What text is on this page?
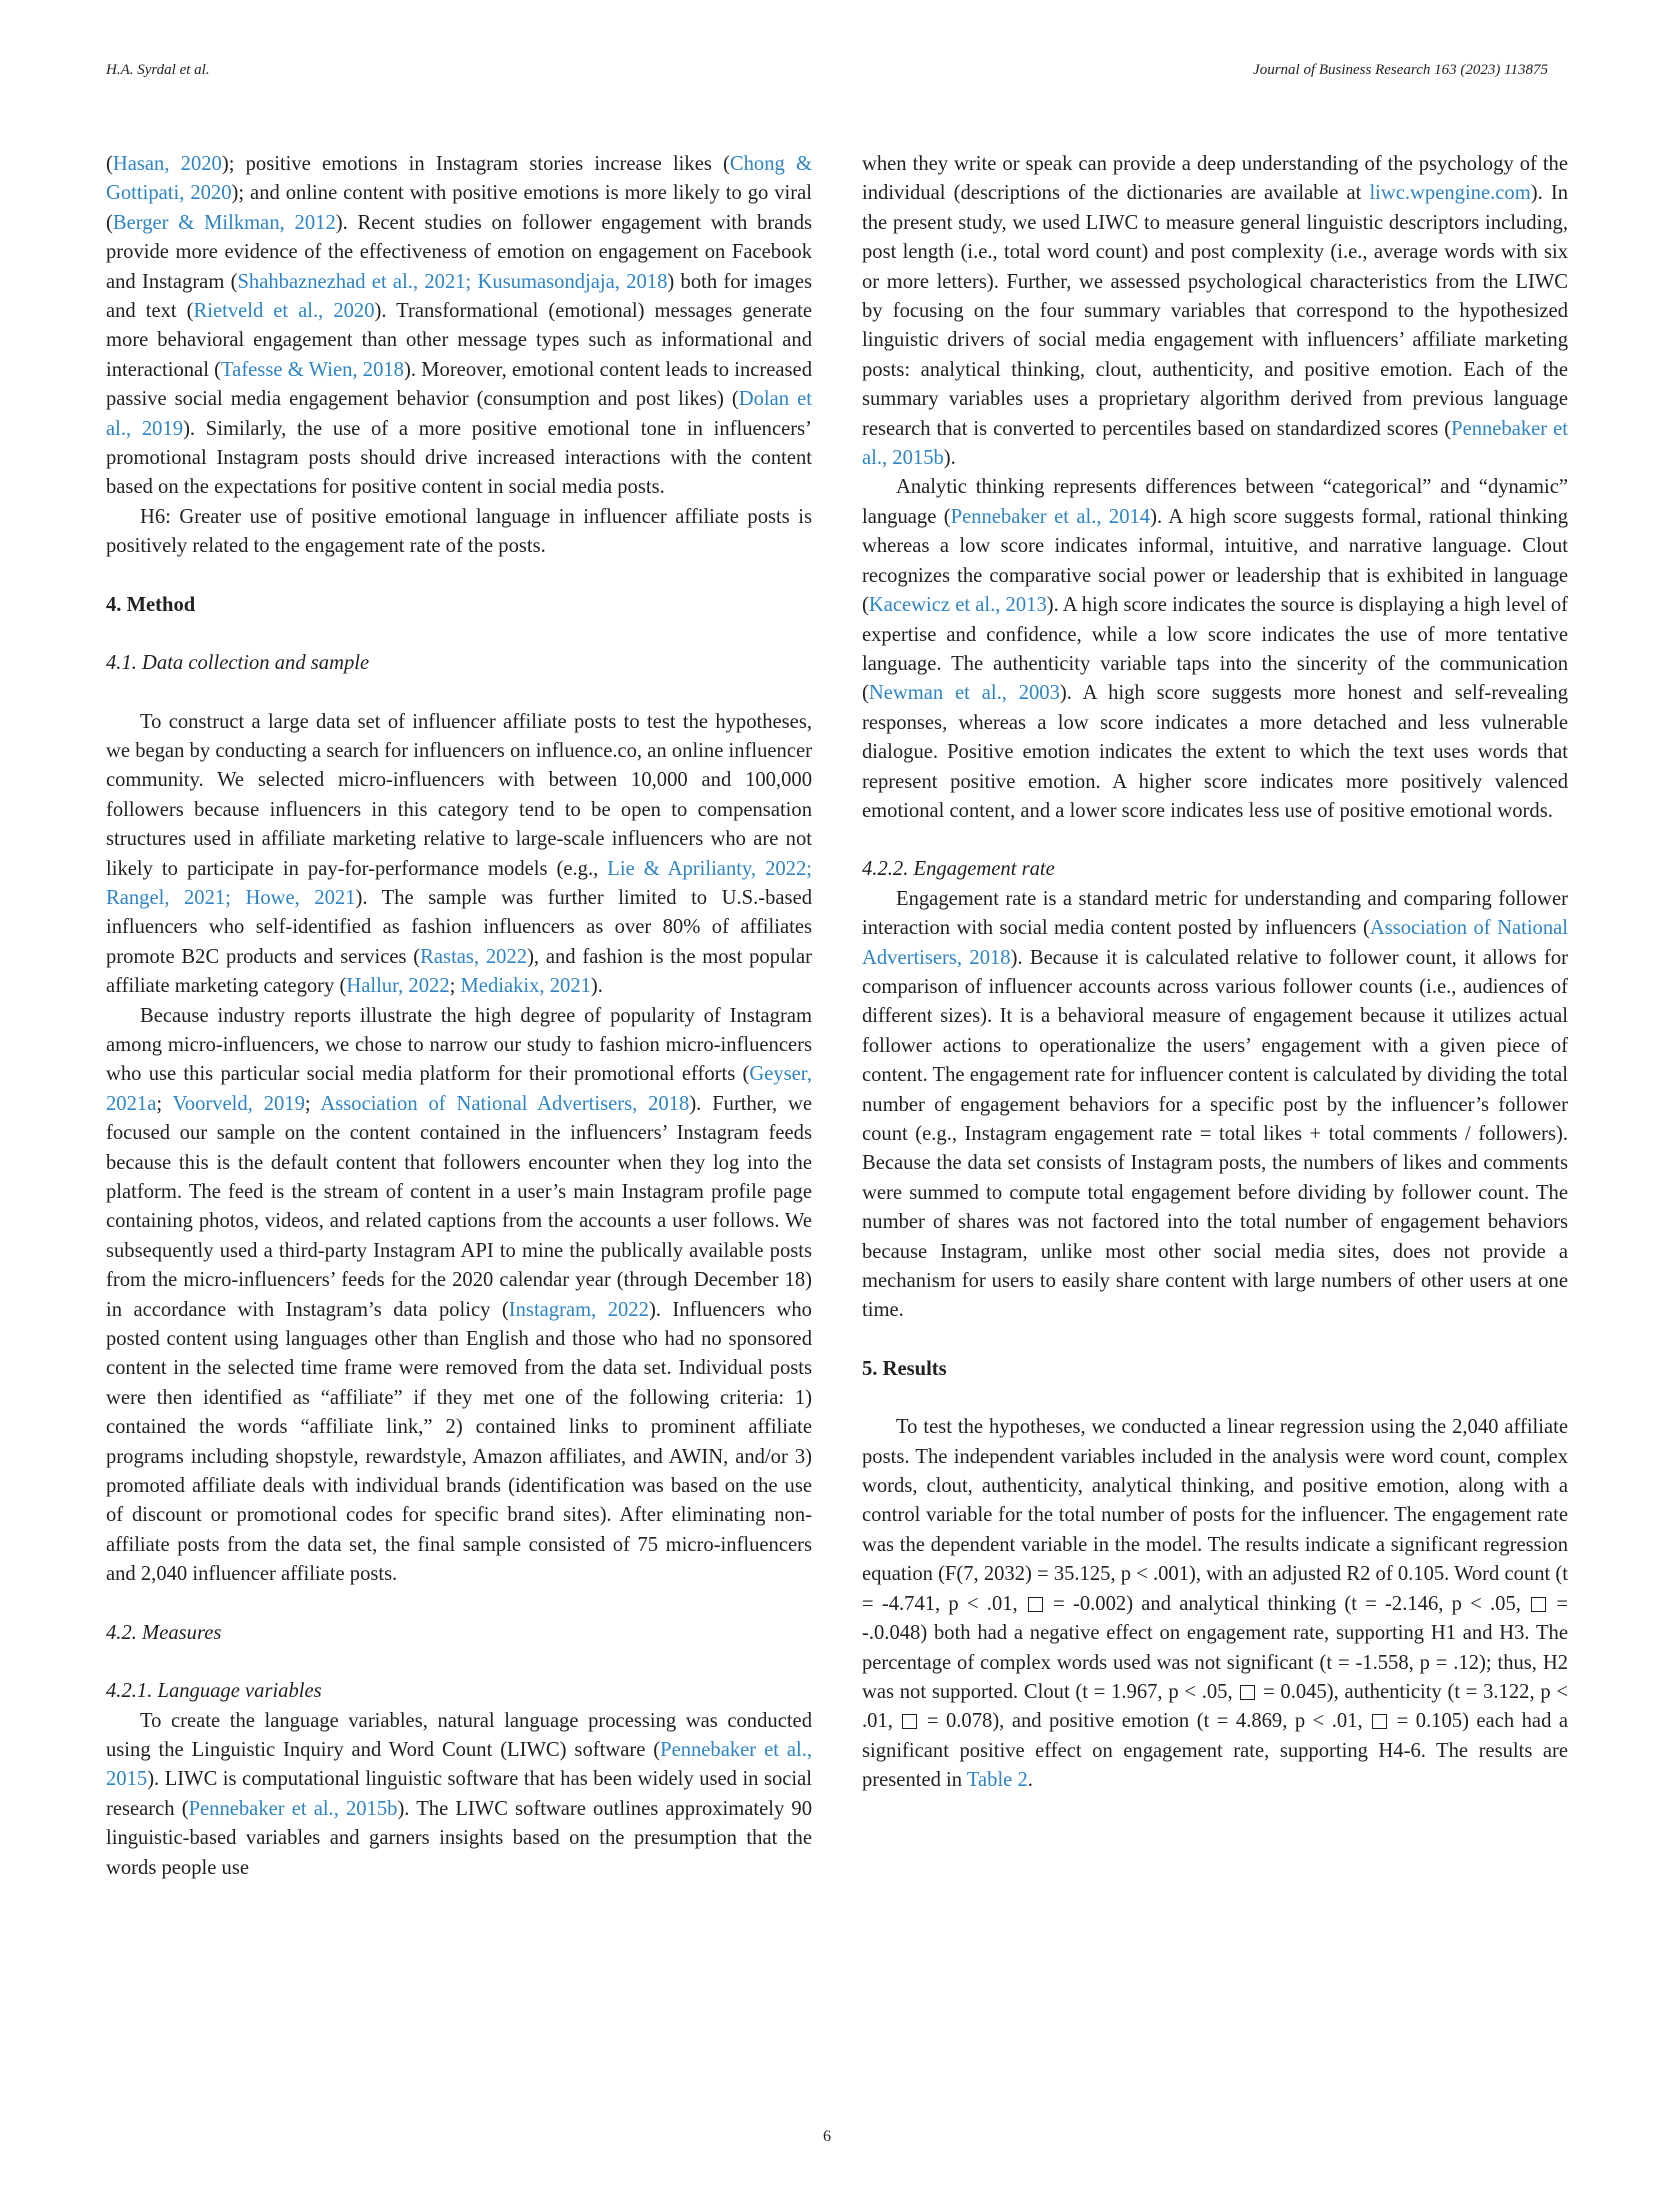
H.A. Syrdal et al.	Journal of Business Research 163 (2023) 113875

(Hasan, 2020); positive emotions in Instagram stories increase likes (Chong & Gottipati, 2020); and online content with positive emotions is more likely to go viral (Berger & Milkman, 2012). Recent studies on follower engagement with brands provide more evidence of the effectiveness of emotion on engagement on Facebook and Instagram (Shahbaznezhad et al., 2021; Kusumasondjaja, 2018) both for images and text (Rietveld et al., 2020). Transformational (emotional) messages generate more behavioral engagement than other message types such as informational and interactional (Tafesse & Wien, 2018). Moreover, emotional content leads to increased passive social media engagement behavior (consumption and post likes) (Dolan et al., 2019). Similarly, the use of a more positive emotional tone in influencers’ promotional Instagram posts should drive increased interactions with the content based on the expectations for positive content in social media posts.

H6: Greater use of positive emotional language in influencer affiliate posts is positively related to the engagement rate of the posts.

4. Method
4.1. Data collection and sample

To construct a large data set of influencer affiliate posts to test the hypotheses, we began by conducting a search for influencers on influence.co, an online influencer community. We selected micro-influencers with between 10,000 and 100,000 followers because influencers in this category tend to be open to compensation structures used in affiliate marketing relative to large-scale influencers who are not likely to participate in pay-for-performance models (e.g., Lie & Aprilianty, 2022; Rangel, 2021; Howe, 2021). The sample was further limited to U.S.-based influencers who self-identified as fashion influencers as over 80% of affiliates promote B2C products and services (Rastas, 2022), and fashion is the most popular affiliate marketing category (Hallur, 2022; Mediakix, 2021).

Because industry reports illustrate the high degree of popularity of Instagram among micro-influencers, we chose to narrow our study to fashion micro-influencers who use this particular social media platform for their promotional efforts (Geyser, 2021a; Voorveld, 2019; Association of National Advertisers, 2018). Further, we focused our sample on the content contained in the influencers’ Instagram feeds because this is the default content that followers encounter when they log into the platform. The feed is the stream of content in a user’s main Instagram profile page containing photos, videos, and related captions from the accounts a user follows. We subsequently used a third-party Instagram API to mine the publically available posts from the micro-influencers’ feeds for the 2020 calendar year (through December 18) in accordance with Instagram’s data policy (Instagram, 2022). Influencers who posted content using languages other than English and those who had no sponsored content in the selected time frame were removed from the data set. Individual posts were then identified as “affiliate” if they met one of the following criteria: 1) contained the words “affiliate link,” 2) contained links to prominent affiliate programs including shopstyle, rewardstyle, Amazon affiliates, and AWIN, and/or 3) promoted affiliate deals with individual brands (identification was based on the use of discount or promotional codes for specific brand sites). After eliminating non-affiliate posts from the data set, the final sample consisted of 75 micro-influencers and 2,040 influencer affiliate posts.

4.2. Measures
4.2.1. Language variables

To create the language variables, natural language processing was conducted using the Linguistic Inquiry and Word Count (LIWC) software (Pennebaker et al., 2015). LIWC is computational linguistic software that has been widely used in social research (Pennebaker et al., 2015b). The LIWC software outlines approximately 90 linguistic-based variables and garners insights based on the presumption that the words people use

when they write or speak can provide a deep understanding of the psychology of the individual (descriptions of the dictionaries are available at liwc.wpengine.com). In the present study, we used LIWC to measure general linguistic descriptors including, post length (i.e., total word count) and post complexity (i.e., average words with six or more letters). Further, we assessed psychological characteristics from the LIWC by focusing on the four summary variables that correspond to the hypothesized linguistic drivers of social media engagement with influencers’ affiliate marketing posts: analytical thinking, clout, authenticity, and positive emotion. Each of the summary variables uses a proprietary algorithm derived from previous language research that is converted to percentiles based on standardized scores (Pennebaker et al., 2015b).

Analytic thinking represents differences between “categorical” and “dynamic” language (Pennebaker et al., 2014). A high score suggests formal, rational thinking whereas a low score indicates informal, intuitive, and narrative language. Clout recognizes the comparative social power or leadership that is exhibited in language (Kacewicz et al., 2013). A high score indicates the source is displaying a high level of expertise and confidence, while a low score indicates the use of more tentative language. The authenticity variable taps into the sincerity of the communication (Newman et al., 2003). A high score suggests more honest and self-revealing responses, whereas a low score indicates a more detached and less vulnerable dialogue. Positive emotion indicates the extent to which the text uses words that represent positive emotion. A higher score indicates more positively valenced emotional content, and a lower score indicates less use of positive emotional words.

4.2.2. Engagement rate

Engagement rate is a standard metric for understanding and comparing follower interaction with social media content posted by influencers (Association of National Advertisers, 2018). Because it is calculated relative to follower count, it allows for comparison of influencer accounts across various follower counts (i.e., audiences of different sizes). It is a behavioral measure of engagement because it utilizes actual follower actions to operationalize the users’ engagement with a given piece of content. The engagement rate for influencer content is calculated by dividing the total number of engagement behaviors for a specific post by the influencer’s follower count (e.g., Instagram engagement rate = total likes + total comments / followers). Because the data set consists of Instagram posts, the numbers of likes and comments were summed to compute total engagement before dividing by follower count. The number of shares was not factored into the total number of engagement behaviors because Instagram, unlike most other social media sites, does not provide a mechanism for users to easily share content with large numbers of other users at one time.

5. Results

To test the hypotheses, we conducted a linear regression using the 2,040 affiliate posts. The independent variables included in the analysis were word count, complex words, clout, authenticity, analytical thinking, and positive emotion, along with a control variable for the total number of posts for the influencer. The engagement rate was the dependent variable in the model. The results indicate a significant regression equation (F(7, 2032) = 35.125, p < .001), with an adjusted R2 of 0.105. Word count (t = -4.741, p < .01,  = -0.002) and analytical thinking (t = -2.146, p < .05,  = -.0.048) both had a negative effect on engagement rate, supporting H1 and H3. The percentage of complex words used was not significant (t = -1.558, p = .12); thus, H2 was not supported. Clout (t = 1.967, p < .05,  = 0.045), authenticity (t = 3.122, p < .01,  = 0.078), and positive emotion (t = 4.869, p < .01,  = 0.105) each had a significant positive effect on engagement rate, supporting H4-6. The results are presented in Table 2.

6
